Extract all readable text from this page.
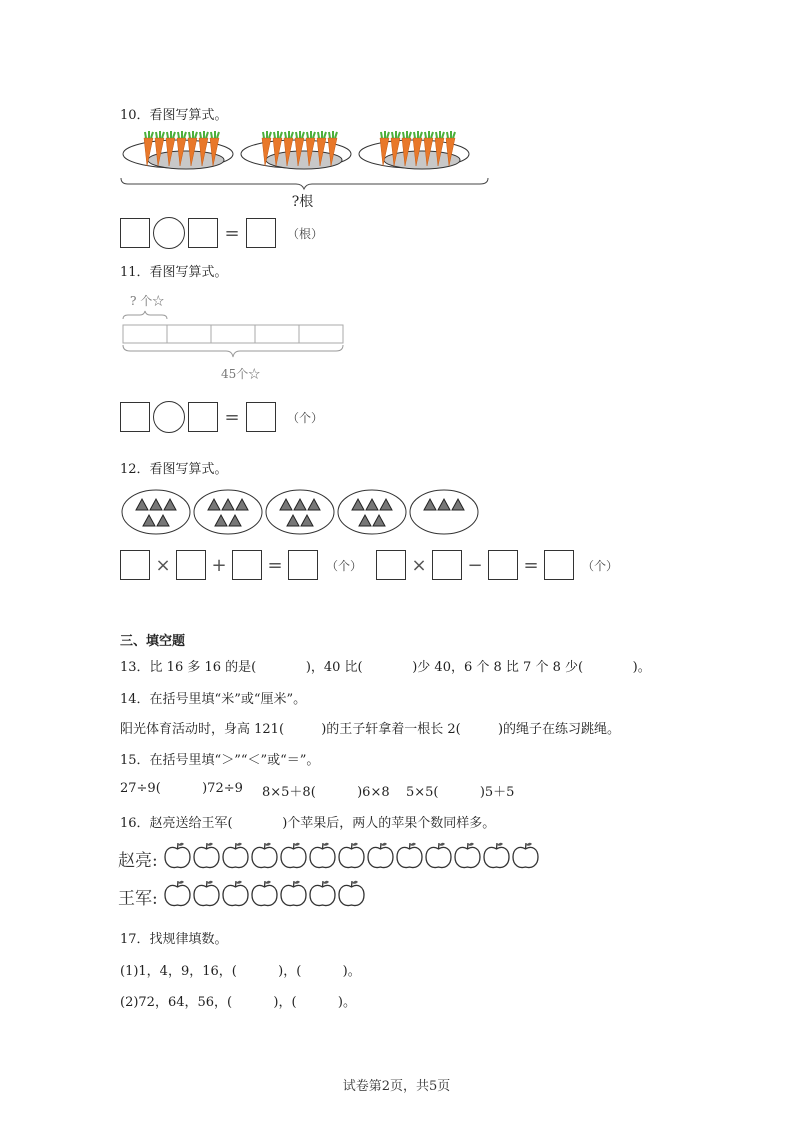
10．看图写算式。
?根
=	（根）
11．看图写算式。
? 个☆
45个☆
=	（个）
12．看图写算式。
×	+	=	（个）	×	−	=	（个）
三、填空题
13．比 16 多 16 的是(            )，40 比(            )少 40，6 个 8 比 7 个 8 少(            )。
14．在括号里填“米”或“厘米”。
阳光体育活动时，身高 121(         )的王子轩拿着一根长 2(         )的绳子在练习跳绳。
15．在括号里填“＞”“＜”或“＝”。
27÷9(          )72÷9 8×5＋8(          )6×8 5×5(          )5＋5
16．赵亮送给王军(            )个苹果后，两人的苹果个数同样多。
赵亮:
王军:
17．找规律填数。
(1)1，4，9，16，(          )，(          )。
(2)72，64，56，(          )，(          )。
试卷第2页，共5页
